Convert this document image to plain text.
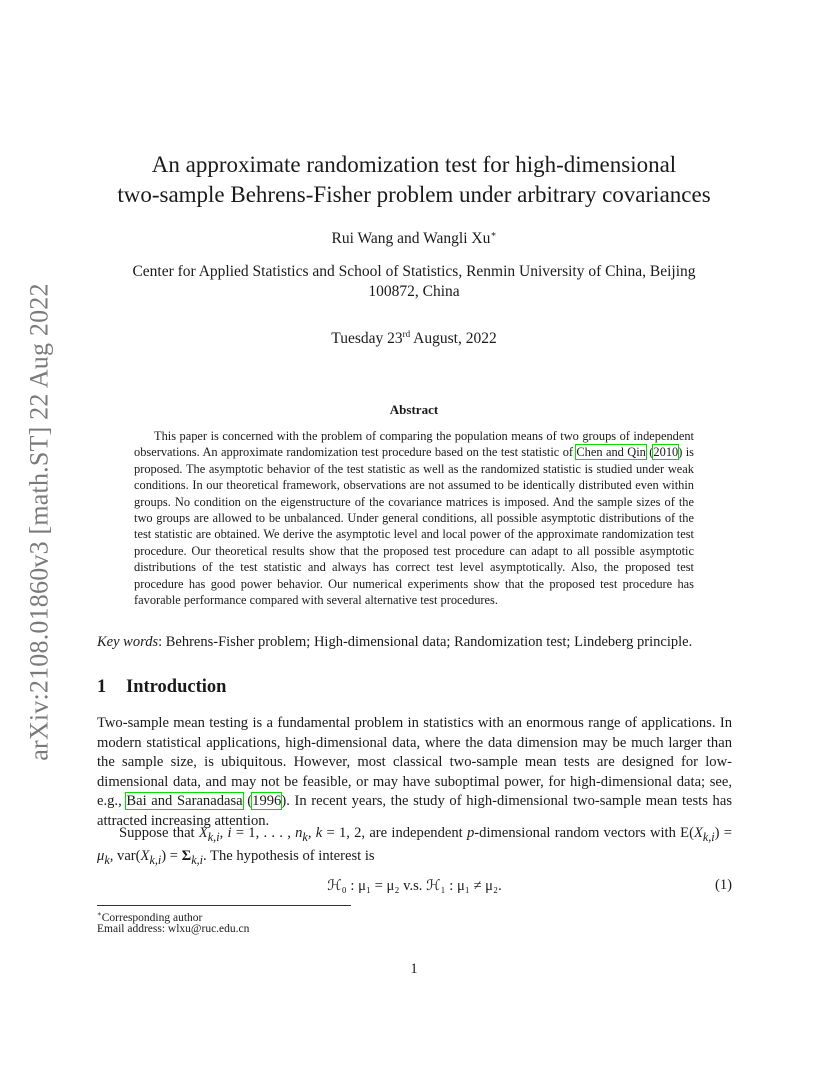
arXiv:2108.01860v3 [math.ST] 22 Aug 2022
An approximate randomization test for high-dimensional
two-sample Behrens-Fisher problem under arbitrary covariances
Rui Wang and Wangli Xu∗
Center for Applied Statistics and School of Statistics, Renmin University of China, Beijing
100872, China
Tuesday 23rd August, 2022
Abstract

This paper is concerned with the problem of comparing the population means of two groups of independent observations. An approximate randomization test procedure based on the test statistic of Chen and Qin (2010) is proposed. The asymptotic behavior of the test statistic as well as the randomized statistic is studied under weak conditions. In our theoretical framework, observations are not assumed to be identically distributed even within groups. No condition on the eigenstructure of the covariance matrices is imposed. And the sample sizes of the two groups are allowed to be unbalanced. Under general conditions, all possible asymptotic distributions of the test statistic are obtained. We derive the asymptotic level and local power of the approximate randomization test procedure. Our theoretical results show that the proposed test procedure can adapt to all possible asymptotic distributions of the test statistic and always has correct test level asymptotically. Also, the proposed test procedure has good power behavior. Our numerical experiments show that the proposed test procedure has favorable performance compared with several alternative test procedures.

Key words: Behrens-Fisher problem; High-dimensional data; Randomization test; Lindeberg principle.
1 Introduction

Two-sample mean testing is a fundamental problem in statistics with an enormous range of applications. In modern statistical applications, high-dimensional data, where the data dimension may be much larger than the sample size, is ubiquitous. However, most classical two-sample mean tests are designed for low-dimensional data, and may not be feasible, or may have suboptimal power, for high-dimensional data; see, e.g., Bai and Saranadasa (1996). In recent years, the study of high-dimensional two-sample mean tests has attracted increasing attention.

Suppose that $X_{k,i}$, i = 1, . . . , $n_k$, k = 1, 2, are independent p-dimensional random vectors with $E(X_{k,i}) = \mu_k$, $var(X_{k,i}) = \Sigma_{k,i}$. The hypothesis of interest is

ℋ₀ : μ₁ = μ₂ v.s. ℋ₁ : μ₁ ≠ μ₂.	(1)
∗Corresponding author
Email address: wlxu@ruc.edu.cn
1
